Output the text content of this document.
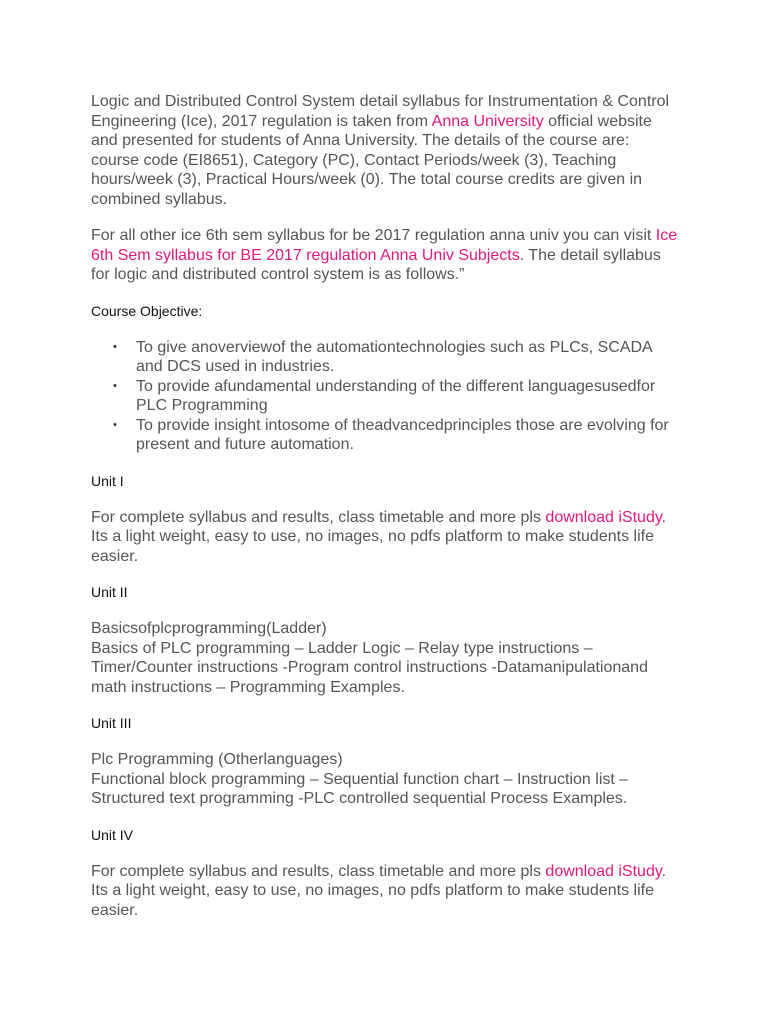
Logic and Distributed Control System detail syllabus for Instrumentation & Control Engineering (Ice), 2017 regulation is taken from Anna University official website and presented for students of Anna University. The details of the course are: course code (EI8651), Category (PC), Contact Periods/week (3), Teaching hours/week (3), Practical Hours/week (0). The total course credits are given in combined syllabus.

For all other ice 6th sem syllabus for be 2017 regulation anna univ you can visit Ice 6th Sem syllabus for BE 2017 regulation Anna Univ Subjects. The detail syllabus for logic and distributed control system is as follows.”

Course Objective:
• To give anoverviewof the automationtechnologies such as PLCs, SCADA and DCS used in industries.
• To provide afundamental understanding of the different languagesusedfor PLC Programming
• To provide insight intosome of theadvancedprinciples those are evolving for present and future automation.
Unit I

For complete syllabus and results, class timetable and more pls download iStudy. Its a light weight, easy to use, no images, no pdfs platform to make students life easier.

Unit II

Basicsofplcprogramming(Ladder)
Basics of PLC programming – Ladder Logic – Relay type instructions – Timer/Counter instructions -Program control instructions -Datamanipulationand math instructions – Programming Examples.

Unit III

Plc Programming (Otherlanguages)
Functional block programming – Sequential function chart – Instruction list – Structured text programming -PLC controlled sequential Process Examples.

Unit IV

For complete syllabus and results, class timetable and more pls download iStudy. Its a light weight, easy to use, no images, no pdfs platform to make students life easier.
